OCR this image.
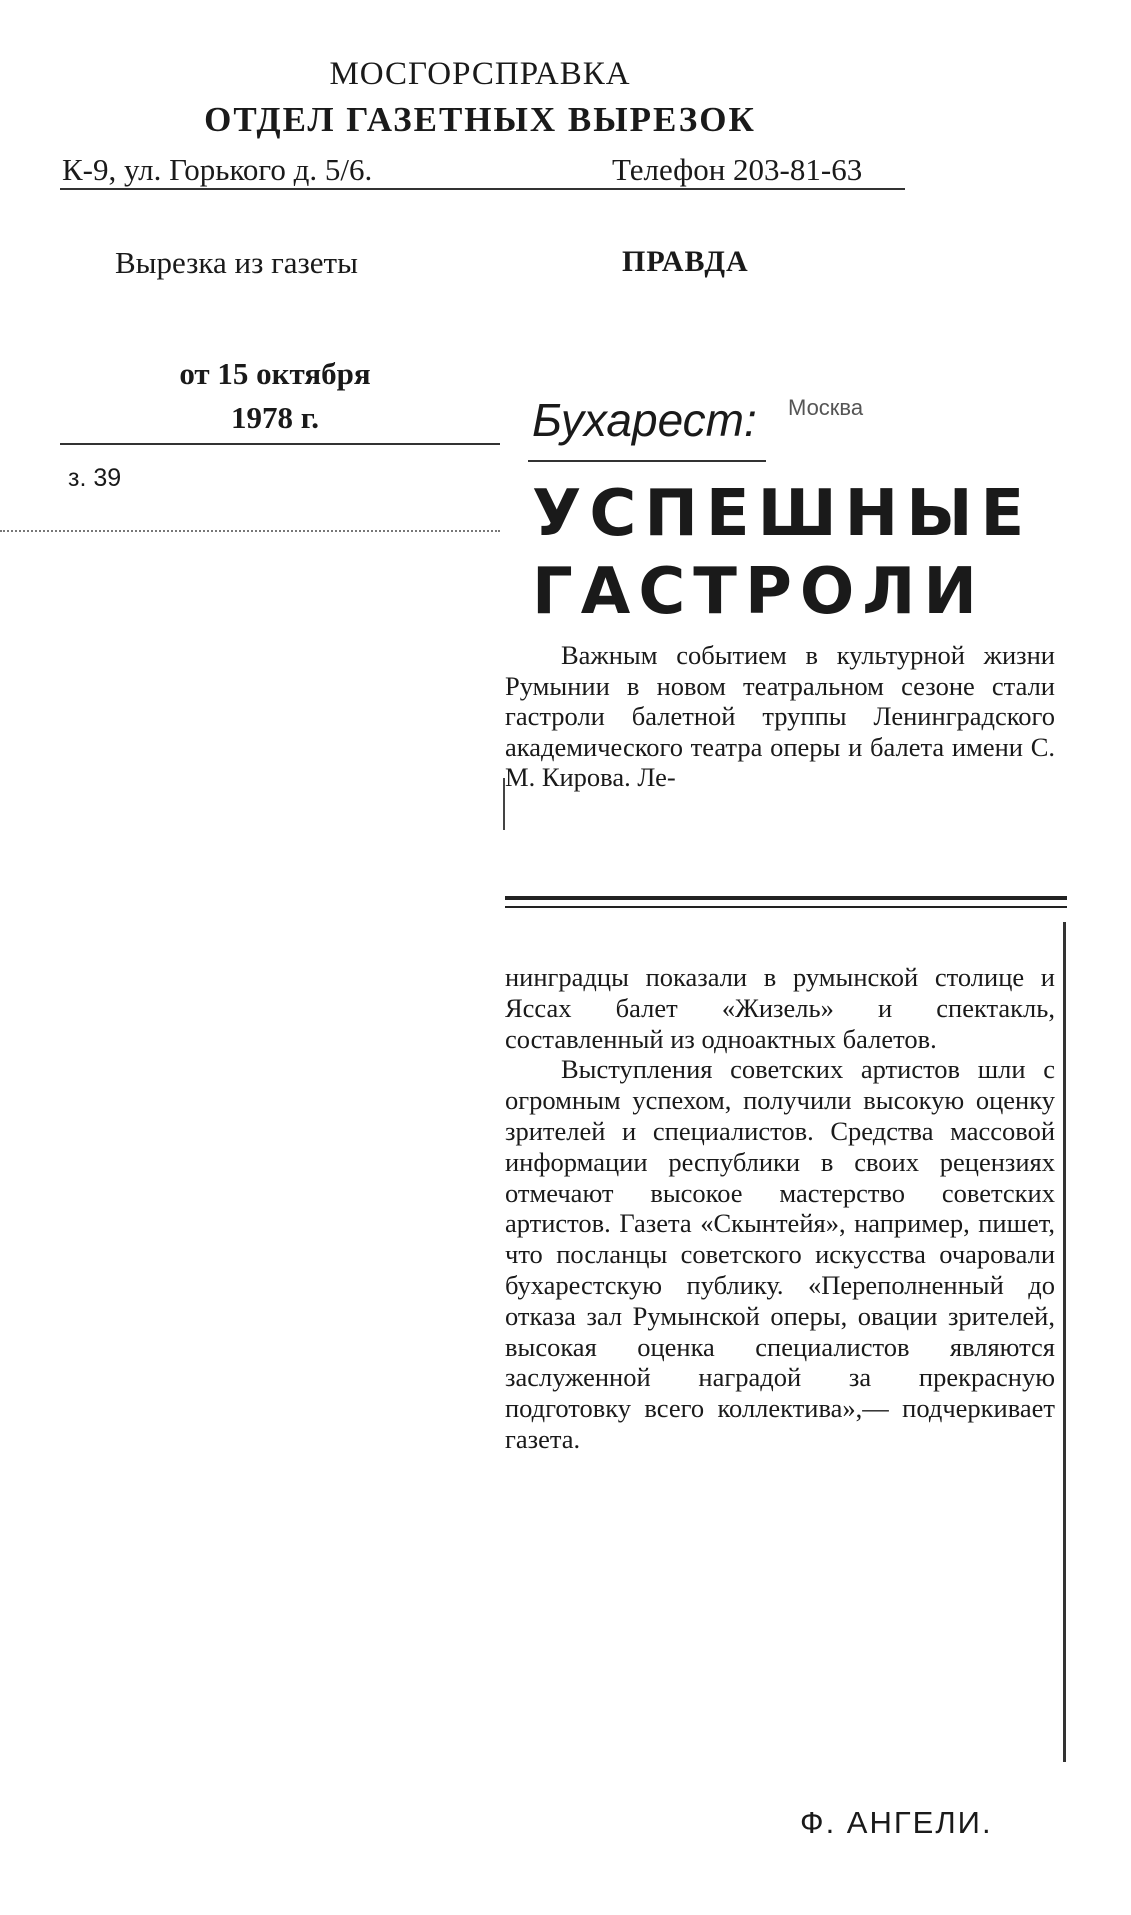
МОСГОРСПРАВКА
ОТДЕЛ ГАЗЕТНЫХ ВЫРЕЗОК
К-9, ул. Горького д. 5/6.	Телефон 203-81-63
Вырезка из газеты	ПРАВДА
от 15 октября
1978 г.
з. 39
Бухарест: Москва
УСПЕШНЫЕ
ГАСТРОЛИ

Важным событием в культурной жизни Румынии в новом театральном сезоне стали гастроли балетной труппы Ленинградского академического театра оперы и балета имени С. М. Кирова. Ле-

нинградцы показали в румынской столице и Яссах балет «Жизель» и спектакль, составленный из одноактных балетов.

Выступления советских артистов шли с огромным успехом, получили высокую оценку зрителей и специалистов. Средства массовой информации республики в своих рецензиях отмечают высокое мастерство советских артистов. Газета «Скынтейя», например, пишет, что посланцы советского искусства очаровали бухарестскую публику. «Переполненный до отказа зал Румынской оперы, овации зрителей, высокая оценка специалистов являются заслуженной наградой за прекрасную подготовку всего коллектива»,— подчеркивает газета.

Ф. АНГЕЛИ.
